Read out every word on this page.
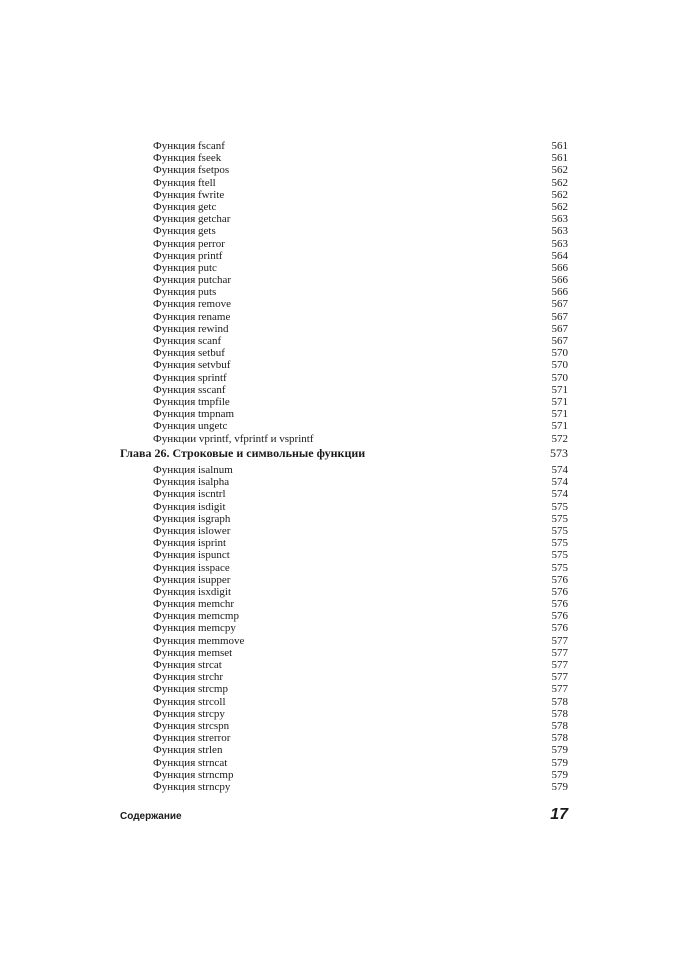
Функция fscanf	561
Функция fseek	561
Функция fsetpos	562
Функция ftell	562
Функция fwrite	562
Функция getc	562
Функция getchar	563
Функция gets	563
Функция perror	563
Функция printf	564
Функция putc	566
Функция putchar	566
Функция puts	566
Функция remove	567
Функция rename	567
Функция rewind	567
Функция scanf	567
Функция setbuf	570
Функция setvbuf	570
Функция sprintf	570
Функция sscanf	571
Функция tmpfile	571
Функция tmpnam	571
Функция ungetc	571
Функции vprintf, vfprintf и vsprintf	572
Глава 26. Строковые и символьные функции	573
Функция isalnum	574
Функция isalpha	574
Функция iscntrl	574
Функция isdigit	575
Функция isgraph	575
Функция islower	575
Функция isprint	575
Функция ispunct	575
Функция isspace	575
Функция isupper	576
Функция isxdigit	576
Функция memchr	576
Функция memcmp	576
Функция memcpy	576
Функция memmove	577
Функция memset	577
Функция strcat	577
Функция strchr	577
Функция strcmp	577
Функция strcoll	578
Функция strcpy	578
Функция strcspn	578
Функция strerror	578
Функция strlen	579
Функция strncat	579
Функция strncmp	579
Функция strncpy	579
Содержание	17
